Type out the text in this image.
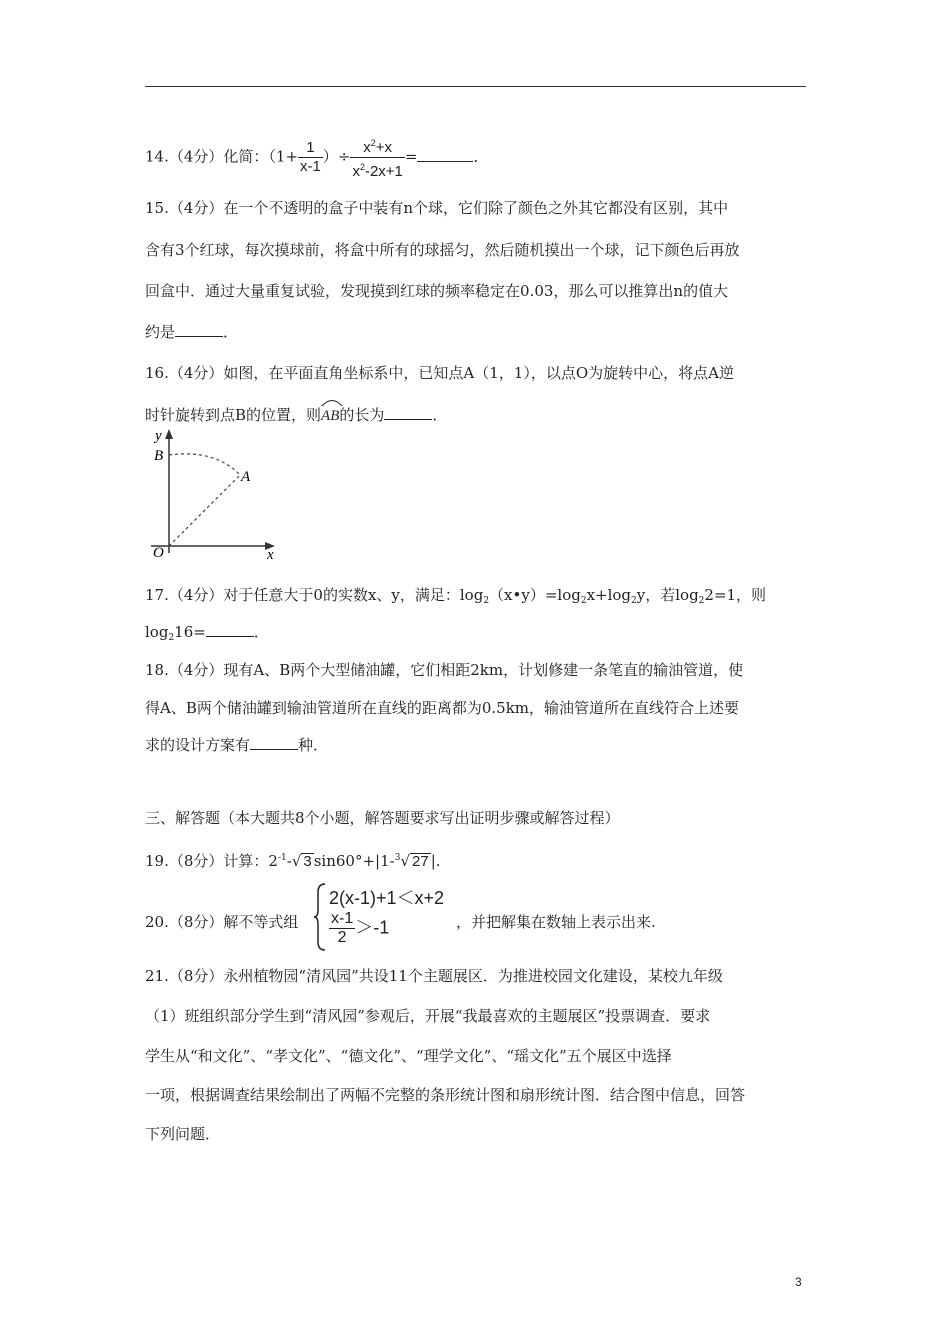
14.（4分）化简：（$1+ \frac{1}{x-1}$ ）÷ $\frac{x^2+x}{x^2-2x+1}$ =	．
15.（4分）在一个不透明的盒子中装有n个球，它们除了颜色之外其它都没有区别，其中
含有3个红球，每次摸球前，将盒中所有的球摇匀，然后随机摸出一个球，记下颜色后再放
回盒中．通过大量重复试验，发现摸到红球的频率稳定在0.03，那么可以推算出n的值大
约是	．
16.（4分）如图，在平面直角坐标系中，已知点A（1，1），以点O为旋转中心，将点A逆
时针旋转到点B的位置，则
AB的长为	．
y
B
A
O	x
17.（4分）对于任意大于0的实数x、y，满足：$\log_2(x•y)=\log_2x+\log_2y$，若$\log_22=1$，则
$\log_216=$	．
18.（4分）现有A、B两个大型储油罐，它们相距2km，计划修建一条笔直的输油管道，使
得A、B两个储油罐到输油管道所在直线的距离都为0.5km，输油管道所在直线符合上述要
求的设计方案有	种．
三、解答题（本大题共8个小题，解答题要求写出证明步骤或解答过程）
19.（8分）计算：$2^{-1}-√$ 3 sin60°+|1-$^3$√ 27 |.
20.（8分）解不等式组
2(x-1)+1＜x+2
$\frac{x-1}{2} >-1$	，并把解集在数轴上表示出来.
21.（8分）永州植物园“清风园”共设11个主题展区．为推进校园文化建设，某校九年级
（1）班组织部分学生到“清风园”参观后，开展“我最喜欢的主题展区”投票调查．要求
学生从“和文化”、“孝文化”、“德文化”、“理学文化”、“瑶文化”五个展区中选择
一项，根据调查结果绘制出了两幅不完整的条形统计图和扇形统计图．结合图中信息，回答
下列问题．
3
